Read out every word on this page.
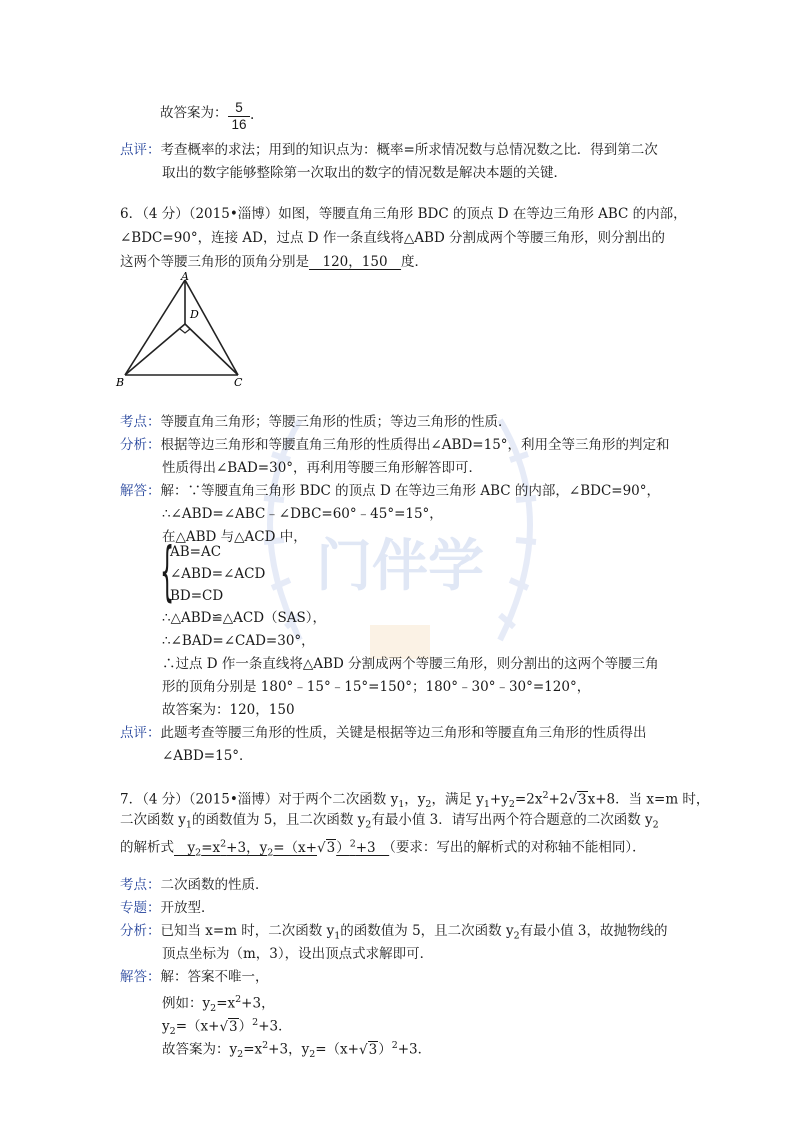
门伴学
故答案为： $\frac{5}{16}$ .
点评：考查概率的求法；用到的知识点为：概率=所求情况数与总情况数之比．得到第二次
取出的数字能够整除第一次取出的数字的情况数是解决本题的关键．
6．（4 分）（2015•淄博）如图，等腰直角三角形 BDC 的顶点 D 在等边三角形 ABC 的内部，
∠BDC=90°，连接 AD，过点 D 作一条直线将△ABD 分割成两个等腰三角形，则分割出的
这两个等腰三角形的顶角分别是　120，150　度．
A
D
B	C
考点：等腰直角三角形；等腰三角形的性质；等边三角形的性质．
分析：根据等边三角形和等腰直角三角形的性质得出∠ABD=15°，利用全等三角形的判定和
性质得出∠BAD=30°，再利用等腰三角形解答即可．
解答：解：∵等腰直角三角形 BDC 的顶点 D 在等边三角形 ABC 的内部，∠BDC=90°，
∴∠ABD=∠ABC﹣∠DBC=60°﹣45°=15°，
在△ABD 与△ACD 中，
{
AB=AC
∠ABD=∠ACD
BD=CD
∴△ABD≌△ACD（SAS），
∴∠BAD=∠CAD=30°，
∴过点 D 作一条直线将△ABD 分割成两个等腰三角形，则分割出的这两个等腰三角
形的顶角分别是 180°﹣15°﹣15°=150°；180°﹣30°﹣30°=120°，
故答案为：120，150
点评：此题考查等腰三角形的性质，关键是根据等边三角形和等腰直角三角形的性质得出
∠ABD=15°．
7．（4 分）（2015•淄博）对于两个二次函数 $y_1$，$y_2$，满足 $y_1+y_2=2x^2+2√3x+8$．当 x=m 时，
二次函数 $y_1$的函数值为 5，且二次函数 $y_2$有最小值 3．请写出两个符合题意的二次函数 $y_2$
的解析式　$y_2=x^2+3$，$y_2=(x+√3)^2+3$　（要求：写出的解析式的对称轴不能相同）．
考点：二次函数的性质．
专题：开放型．
分析：已知当 x=m 时，二次函数 $y_1$的函数值为 5，且二次函数 $y_2$有最小值 3，故抛物线的
顶点坐标为（m，3），设出顶点式求解即可．
解答：解：答案不唯一，
例如：$y_2=x^2+3$，
$y_2=(x+√3)^2+3$．
故答案为：$y_2=x^2+3$，$y_2=(x+√3)^2+3$．
